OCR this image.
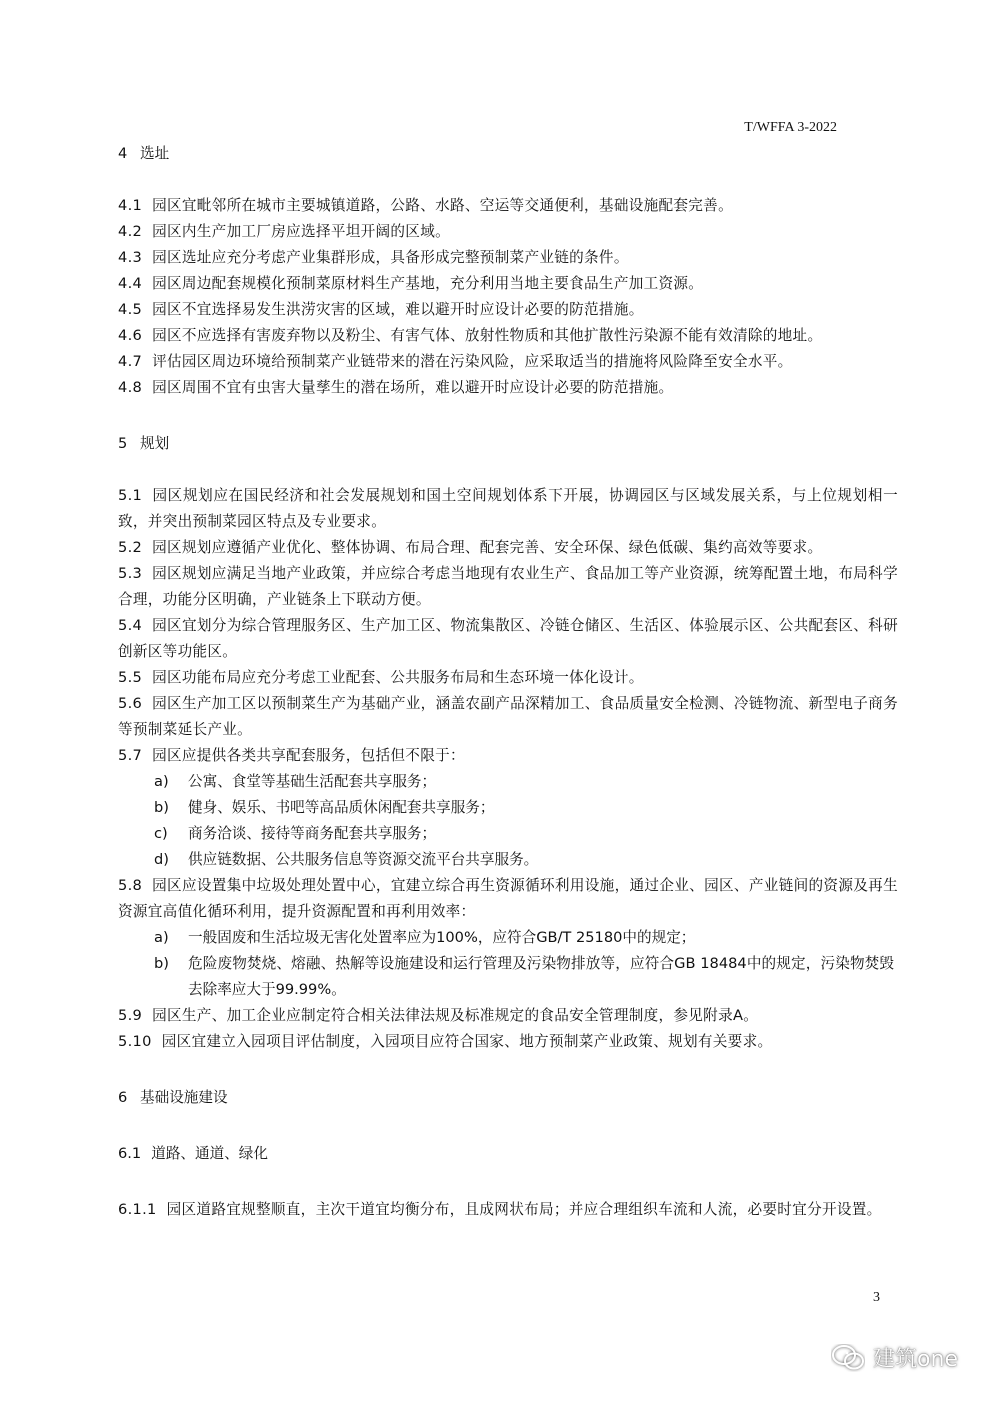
T/WFFA 3-2022

4 选址

4.1 园区宜毗邻所在城市主要城镇道路，公路、水路、空运等交通便利，基础设施配套完善。

4.2 园区内生产加工厂房应选择平坦开阔的区域。

4.3 园区选址应充分考虑产业集群形成，具备形成完整预制菜产业链的条件。

4.4 园区周边配套规模化预制菜原材料生产基地，充分利用当地主要食品生产加工资源。

4.5 园区不宜选择易发生洪涝灾害的区域，难以避开时应设计必要的防范措施。

4.6 园区不应选择有害废弃物以及粉尘、有害气体、放射性物质和其他扩散性污染源不能有效清除的地址。

4.7 评估园区周边环境给预制菜产业链带来的潜在污染风险，应采取适当的措施将风险降至安全水平。

4.8 园区周围不宜有虫害大量孳生的潜在场所，难以避开时应设计必要的防范措施。

5 规划

5.1 园区规划应在国民经济和社会发展规划和国土空间规划体系下开展，协调园区与区域发展关系，与上位规划相一致，并突出预制菜园区特点及专业要求。

5.2 园区规划应遵循产业优化、整体协调、布局合理、配套完善、安全环保、绿色低碳、集约高效等要求。

5.3 园区规划应满足当地产业政策，并应综合考虑当地现有农业生产、食品加工等产业资源，统筹配置土地，布局科学合理，功能分区明确，产业链条上下联动方便。

5.4 园区宜划分为综合管理服务区、生产加工区、物流集散区、冷链仓储区、生活区、体验展示区、公共配套区、科研创新区等功能区。

5.5 园区功能布局应充分考虑工业配套、公共服务布局和生态环境一体化设计。

5.6 园区生产加工区以预制菜生产为基础产业，涵盖农副产品深精加工、食品质量安全检测、冷链物流、新型电子商务等预制菜延长产业。

5.7 园区应提供各类共享配套服务，包括但不限于：

a) 公寓、食堂等基础生活配套共享服务；

b) 健身、娱乐、书吧等高品质休闲配套共享服务；

c) 商务洽谈、接待等商务配套共享服务；

d) 供应链数据、公共服务信息等资源交流平台共享服务。

5.8 园区应设置集中垃圾处理处置中心，宜建立综合再生资源循环利用设施，通过企业、园区、产业链间的资源及再生资源宜高值化循环利用，提升资源配置和再利用效率：

a) 一般固废和生活垃圾无害化处置率应为100%，应符合GB/T 25180中的规定；

b) 危险废物焚烧、熔融、热解等设施建设和运行管理及污染物排放等，应符合GB 18484中的规定，污染物焚毁去除率应大于99.99%。

5.9 园区生产、加工企业应制定符合相关法律法规及标准规定的食品安全管理制度，参见附录A。

5.10 园区宜建立入园项目评估制度，入园项目应符合国家、地方预制菜产业政策、规划有关要求。

6 基础设施建设

6.1 道路、通道、绿化

6.1.1 园区道路宜规整顺直，主次干道宜均衡分布，且成网状布局；并应合理组织车流和人流，必要时宜分开设置。

3
建筑one
